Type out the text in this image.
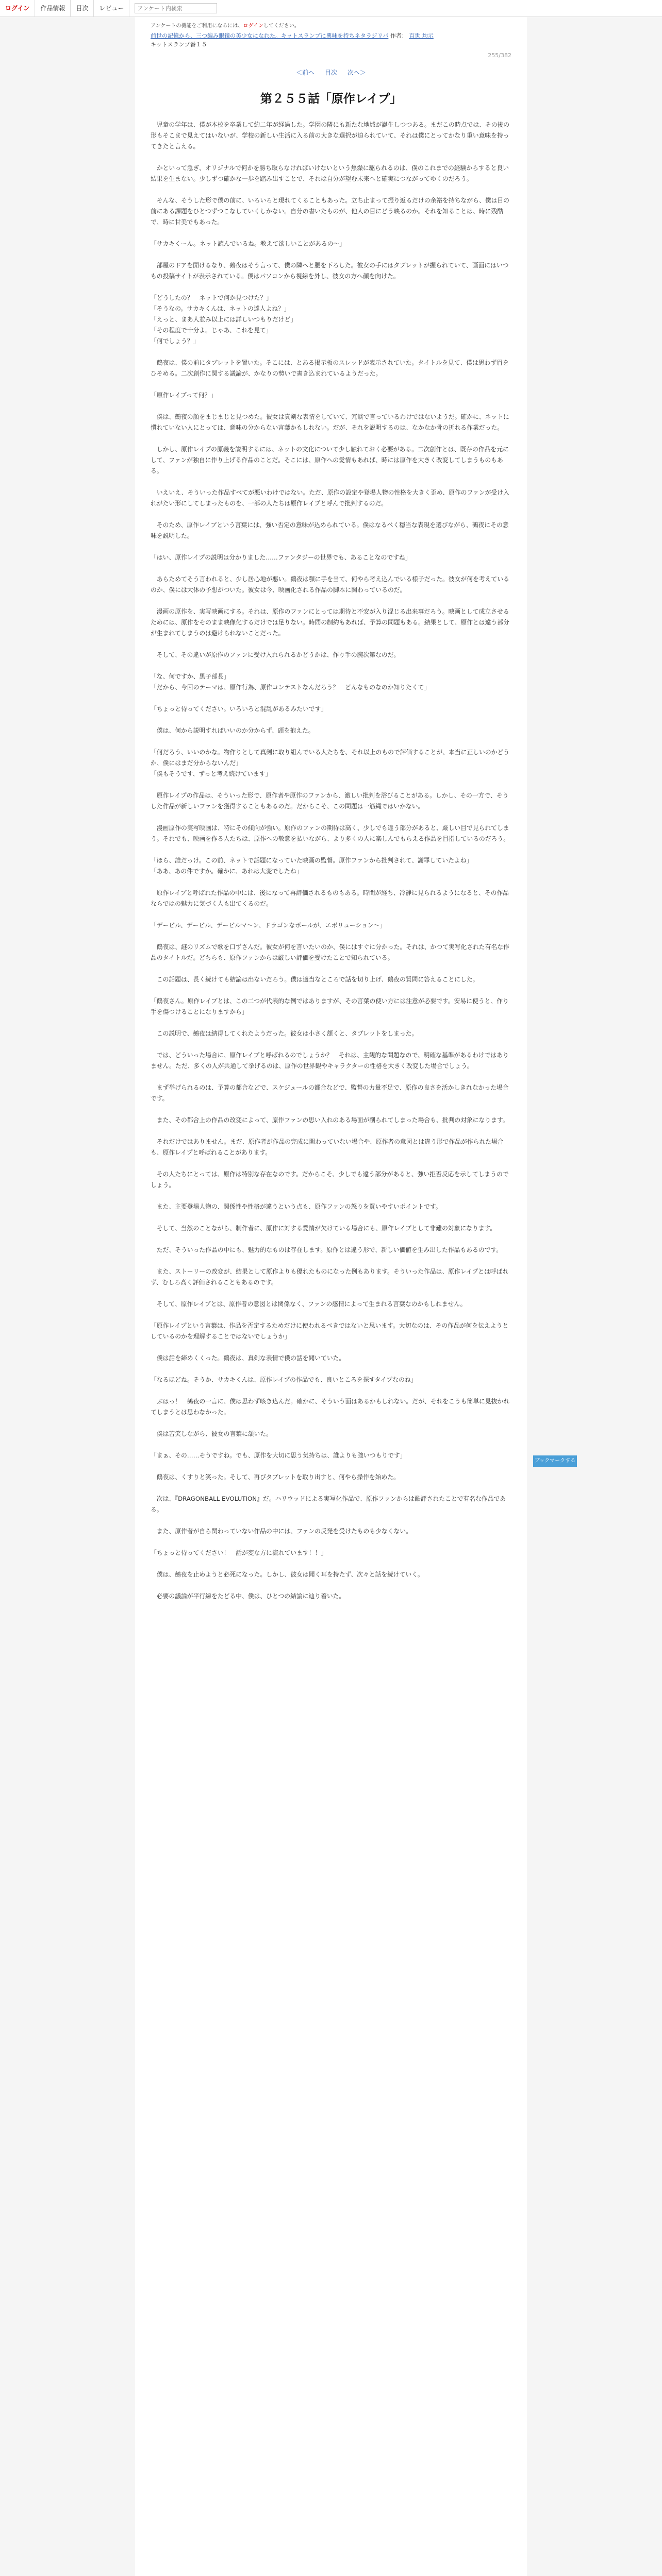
ログイン	作品情報	目次	レビュー
アンケート内検索
アンケートの機能をご利用になるには、ログインしてください。
前世の記憶から、三つ編み眼鏡の美少女になれた。キットスランプに興味を持ちネタラジリバ 作者： 百世 均示
キットスランプ番１５
255/382
＜前へ 目次 次へ＞
第２５５話「原作レイプ」

　児童の学年は、僕が本校を卒業して約二年が経過した。学園の隣にも新たな地域が誕生しつつある。まだこの時点では、その後の形もそこまで見えてはいないが、学校の新しい生活に入る前の大きな選択が迫られていて、それは僕にとってかなり重い意味を持ってきたと言える。

　かといって急ぎ、オリジナルで何かを勝ち取らなければいけないという焦燥に駆られるのは、僕のこれまでの経験からすると良い結果を生まない。少しずつ確かな一歩を踏み出すことで、それは自分が望む未来へと確実につながってゆくのだろう。

　そんな、そうした形で僕の前に、いろいろと現れてくることもあった。立ち止まって振り返るだけの余裕を持ちながら、僕は目の前にある課題をひとつずつこなしていくしかない。自分の書いたものが、他人の目にどう映るのか。それを知ることは、時に残酷で、時に甘美でもあった。

「サカキくーん。ネット読んでいるね。教えて欲しいことがあるの〜」

　部屋のドアを開けるなり、鵺夜はそう言って、僕の隣へと腰を下ろした。彼女の手にはタブレットが握られていて、画面にはいつもの投稿サイトが表示されている。僕はパソコンから視線を外し、彼女の方へ顔を向けた。

「どうしたの？　ネットで何か見つけた？」
「そうなの。サカキくんは、ネットの達人よね？」
「えっと、まあ人並み以上には詳しいつもりだけど」
「その程度で十分よ。じゃあ、これを見て」
「何でしょう？」

　鵺夜は、僕の前にタブレットを置いた。そこには、とある掲示板のスレッドが表示されていた。タイトルを見て、僕は思わず眉をひそめる。二次創作に関する議論が、かなりの勢いで書き込まれているようだった。

「原作レイプって何？」

　僕は、鵺夜の顔をまじまじと見つめた。彼女は真剣な表情をしていて、冗談で言っているわけではないようだ。確かに、ネットに慣れていない人にとっては、意味の分からない言葉かもしれない。だが、それを説明するのは、なかなか骨の折れる作業だった。

　しかし、原作レイプの原義を説明するには、ネットの文化について少し触れておく必要がある。二次創作とは、既存の作品を元にして、ファンが独自に作り上げる作品のことだ。そこには、原作への愛情もあれば、時には原作を大きく改変してしまうものもある。

　いえいえ、そういった作品すべてが悪いわけではない。ただ、原作の設定や登場人物の性格を大きく歪め、原作のファンが受け入れがたい形にしてしまったものを、一部の人たちは原作レイプと呼んで批判するのだ。

　そのため、原作レイプという言葉には、強い否定の意味が込められている。僕はなるべく穏当な表現を選びながら、鵺夜にその意味を説明した。

「はい、原作レイプの説明は分かりました……ファンタジーの世界でも、あることなのですね」

　あらためてそう言われると、少し居心地が悪い。鵺夜は顎に手を当て、何やら考え込んでいる様子だった。彼女が何を考えているのか、僕には大体の予想がついた。彼女は今、映画化される作品の脚本に関わっているのだ。

　漫画の原作を、実写映画にする。それは、原作のファンにとっては期待と不安が入り混じる出来事だろう。映画として成立させるためには、原作をそのまま映像化するだけでは足りない。時間の制約もあれば、予算の問題もある。結果として、原作とは違う部分が生まれてしまうのは避けられないことだった。

　そして、その違いが原作のファンに受け入れられるかどうかは、作り手の腕次第なのだ。

「な、何ですか、黒子部長」
「だから、今回のテーマは、原作行為、原作コンテストなんだろう？　どんなものなのか知りたくて」

「ちょっと待ってください。いろいろと混乱があるみたいです」

　僕は、何から説明すればいいのか分からず、頭を抱えた。

「何だろう、いいのかな。物作りとして真剣に取り組んでいる人たちを、それ以上のもので評価することが、本当に正しいのかどうか、僕にはまだ分からないんだ」
「僕もそうです、ずっと考え続けています」

　原作レイプの作品は、そういった形で、原作者や原作のファンから、激しい批判を浴びることがある。しかし、その一方で、そうした作品が新しいファンを獲得することもあるのだ。だからこそ、この問題は一筋縄ではいかない。

　漫画原作の実写映画は、特にその傾向が強い。原作のファンの期待は高く、少しでも違う部分があると、厳しい目で見られてしまう。それでも、映画を作る人たちは、原作への敬意を払いながら、より多くの人に楽しんでもらえる作品を目指しているのだろう。

「ほら、誰だっけ。この前、ネットで話題になっていた映画の監督。原作ファンから批判されて、謝罪していたよね」
「ああ、あの件ですか。確かに、あれは大変でしたね」

　原作レイプと呼ばれた作品の中には、後になって再評価されるものもある。時間が経ち、冷静に見られるようになると、その作品ならではの魅力に気づく人も出てくるのだ。

「デービル、デービル、デービルマ〜ン、ドラゴンなボールが、エボリューション〜」

　鵺夜は、謎のリズムで歌を口ずさんだ。彼女が何を言いたいのか、僕にはすぐに分かった。それは、かつて実写化された有名な作品のタイトルだ。どちらも、原作ファンからは厳しい評価を受けたことで知られている。

　この話題は、長く続けても結論は出ないだろう。僕は適当なところで話を切り上げ、鵺夜の質問に答えることにした。

「鵺夜さん。原作レイプとは、この二つが代表的な例ではありますが、その言葉の使い方には注意が必要です。安易に使うと、作り手を傷つけることになりますから」

　この説明で、鵺夜は納得してくれたようだった。彼女は小さく頷くと、タブレットをしまった。

　では、どういった場合に、原作レイプと呼ばれるのでしょうか？　それは、主観的な問題なので、明確な基準があるわけではありません。ただ、多くの人が共通して挙げるのは、原作の世界観やキャラクターの性格を大きく改変した場合でしょう。

　まず挙げられるのは、予算の都合などで、スケジュールの都合などで、監督の力量不足で、原作の良さを活かしきれなかった場合です。

　また、その都合上の作品の改変によって、原作ファンの思い入れのある場面が削られてしまった場合も、批判の対象になります。

　それだけではありません。まだ、原作者が作品の完成に関わっていない場合や、原作者の意図とは違う形で作品が作られた場合も、原作レイプと呼ばれることがあります。

　その人たちにとっては、原作は特別な存在なのです。だからこそ、少しでも違う部分があると、強い拒否反応を示してしまうのでしょう。

　また、主要登場人物の、関係性や性格が違うという点も、原作ファンの怒りを買いやすいポイントです。

　そして、当然のことながら、制作者に、原作に対する愛情が欠けている場合にも、原作レイプとして非難の対象になります。

　ただ、そういった作品の中にも、魅力的なものは存在します。原作とは違う形で、新しい価値を生み出した作品もあるのです。

　また、ストーリーの改変が、結果として原作よりも優れたものになった例もあります。そういった作品は、原作レイプとは呼ばれず、むしろ高く評価されることもあるのです。

　そして、原作レイプとは、原作者の意図とは関係なく、ファンの感情によって生まれる言葉なのかもしれません。

「原作レイプという言葉は、作品を否定するためだけに使われるべきではないと思います。大切なのは、その作品が何を伝えようとしているのかを理解することではないでしょうか」

　僕は話を締めくくった。鵺夜は、真剣な表情で僕の話を聞いていた。

「なるほどね。そうか、サカキくんは、原作レイプの作品でも、良いところを探すタイプなのね」

　ぶはっ！　鵺夜の一言に、僕は思わず咳き込んだ。確かに、そういう面はあるかもしれない。だが、それをこうも簡単に見抜かれてしまうとは思わなかった。

　僕は苦笑しながら、彼女の言葉に頷いた。

「まぁ、その……そうですね。でも、原作を大切に思う気持ちは、誰よりも強いつもりです」

　鵺夜は、くすりと笑った。そして、再びタブレットを取り出すと、何やら操作を始めた。

　次は、『DRAGONBALL EVOLUTION』だ。ハリウッドによる実写化作品で、原作ファンからは酷評されたことで有名な作品である。

　また、原作者が自ら関わっていない作品の中には、ファンの反発を受けたものも少なくない。

「ちょっと待ってください！　話が変な方に流れています！！」

　僕は、鵺夜を止めようと必死になった。しかし、彼女は聞く耳を持たず、次々と話を続けていく。

　必要の議論が平行線をたどる中、僕は、ひとつの結論に辿り着いた。

ブックマークする
